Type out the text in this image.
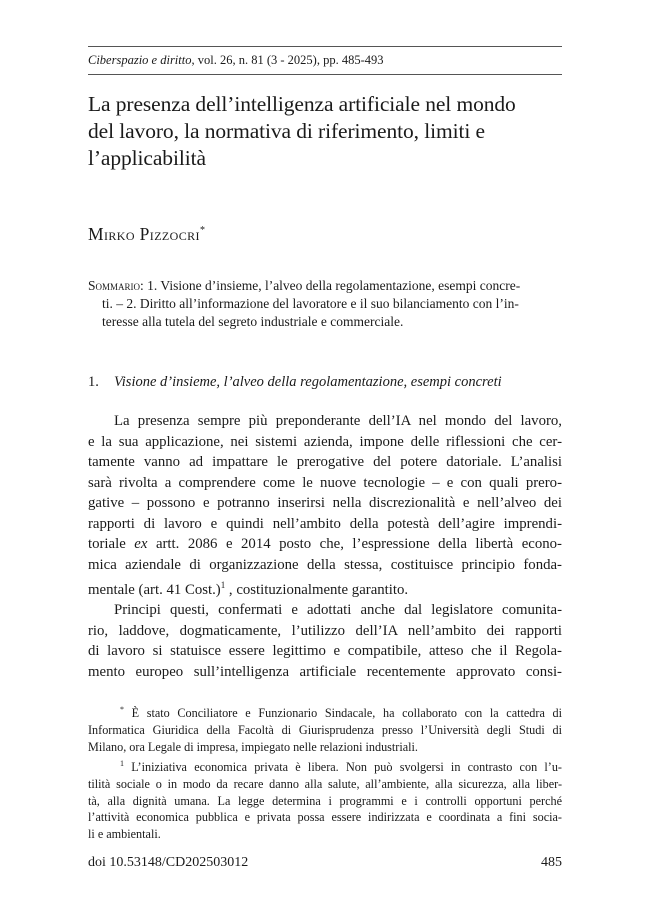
Ciberspazio e diritto, vol. 26, n. 81 (3 - 2025), pp. 485-493
La presenza dell’intelligenza artificiale nel mondo
del lavoro, la normativa di riferimento, limiti e
l’applicabilità
Mirko Pizzocri*
Sommario: 1. Visione d’insieme, l’alveo della regolamentazione, esempi concre-
ti. – 2. Diritto all’informazione del lavoratore e il suo bilanciamento con l’in-
teresse alla tutela del segreto industriale e commerciale.
1. Visione d’insieme, l’alveo della regolamentazione, esempi concreti
La presenza sempre più preponderante dell’IA nel mondo del lavoro,
e la sua applicazione, nei sistemi azienda, impone delle riflessioni che cer-
tamente vanno ad impattare le prerogative del potere datoriale. L’analisi
sarà rivolta a comprendere come le nuove tecnologie – e con quali prero-
gative – possono e potranno inserirsi nella discrezionalità e nell’alveo dei
rapporti di lavoro e quindi nell’ambito della potestà dell’agire imprendi-
toriale ex artt. 2086 e 2014 posto che, l’espressione della libertà econo-
mica aziendale di organizzazione della stessa, costituisce principio fonda-
mentale (art. 41 Cost.)$^1$ , costituzionalmente garantito.
Principi questi, confermati e adottati anche dal legislatore comunita-
rio, laddove, dogmaticamente, l’utilizzo dell’IA nell’ambito dei rapporti
di lavoro si statuisce essere legittimo e compatibile, atteso che il Regola-
mento europeo sull’intelligenza artificiale recentemente approvato consi-
* È stato Conciliatore e Funzionario Sindacale, ha collaborato con la cattedra di
Informatica Giuridica della Facoltà di Giurisprudenza presso l’Università degli Studi di
Milano, ora Legale di impresa, impiegato nelle relazioni industriali.
$^1$ L’iniziativa economica privata è libera. Non può svolgersi in contrasto con l’u-
tilità sociale o in modo da recare danno alla salute, all’ambiente, alla sicurezza, alla liber-
tà, alla dignità umana. La legge determina i programmi e i controlli opportuni perché
l’attività economica pubblica e privata possa essere indirizzata e coordinata a fini socia-
li e ambientali.
doi 10.53148/CD202503012	485
